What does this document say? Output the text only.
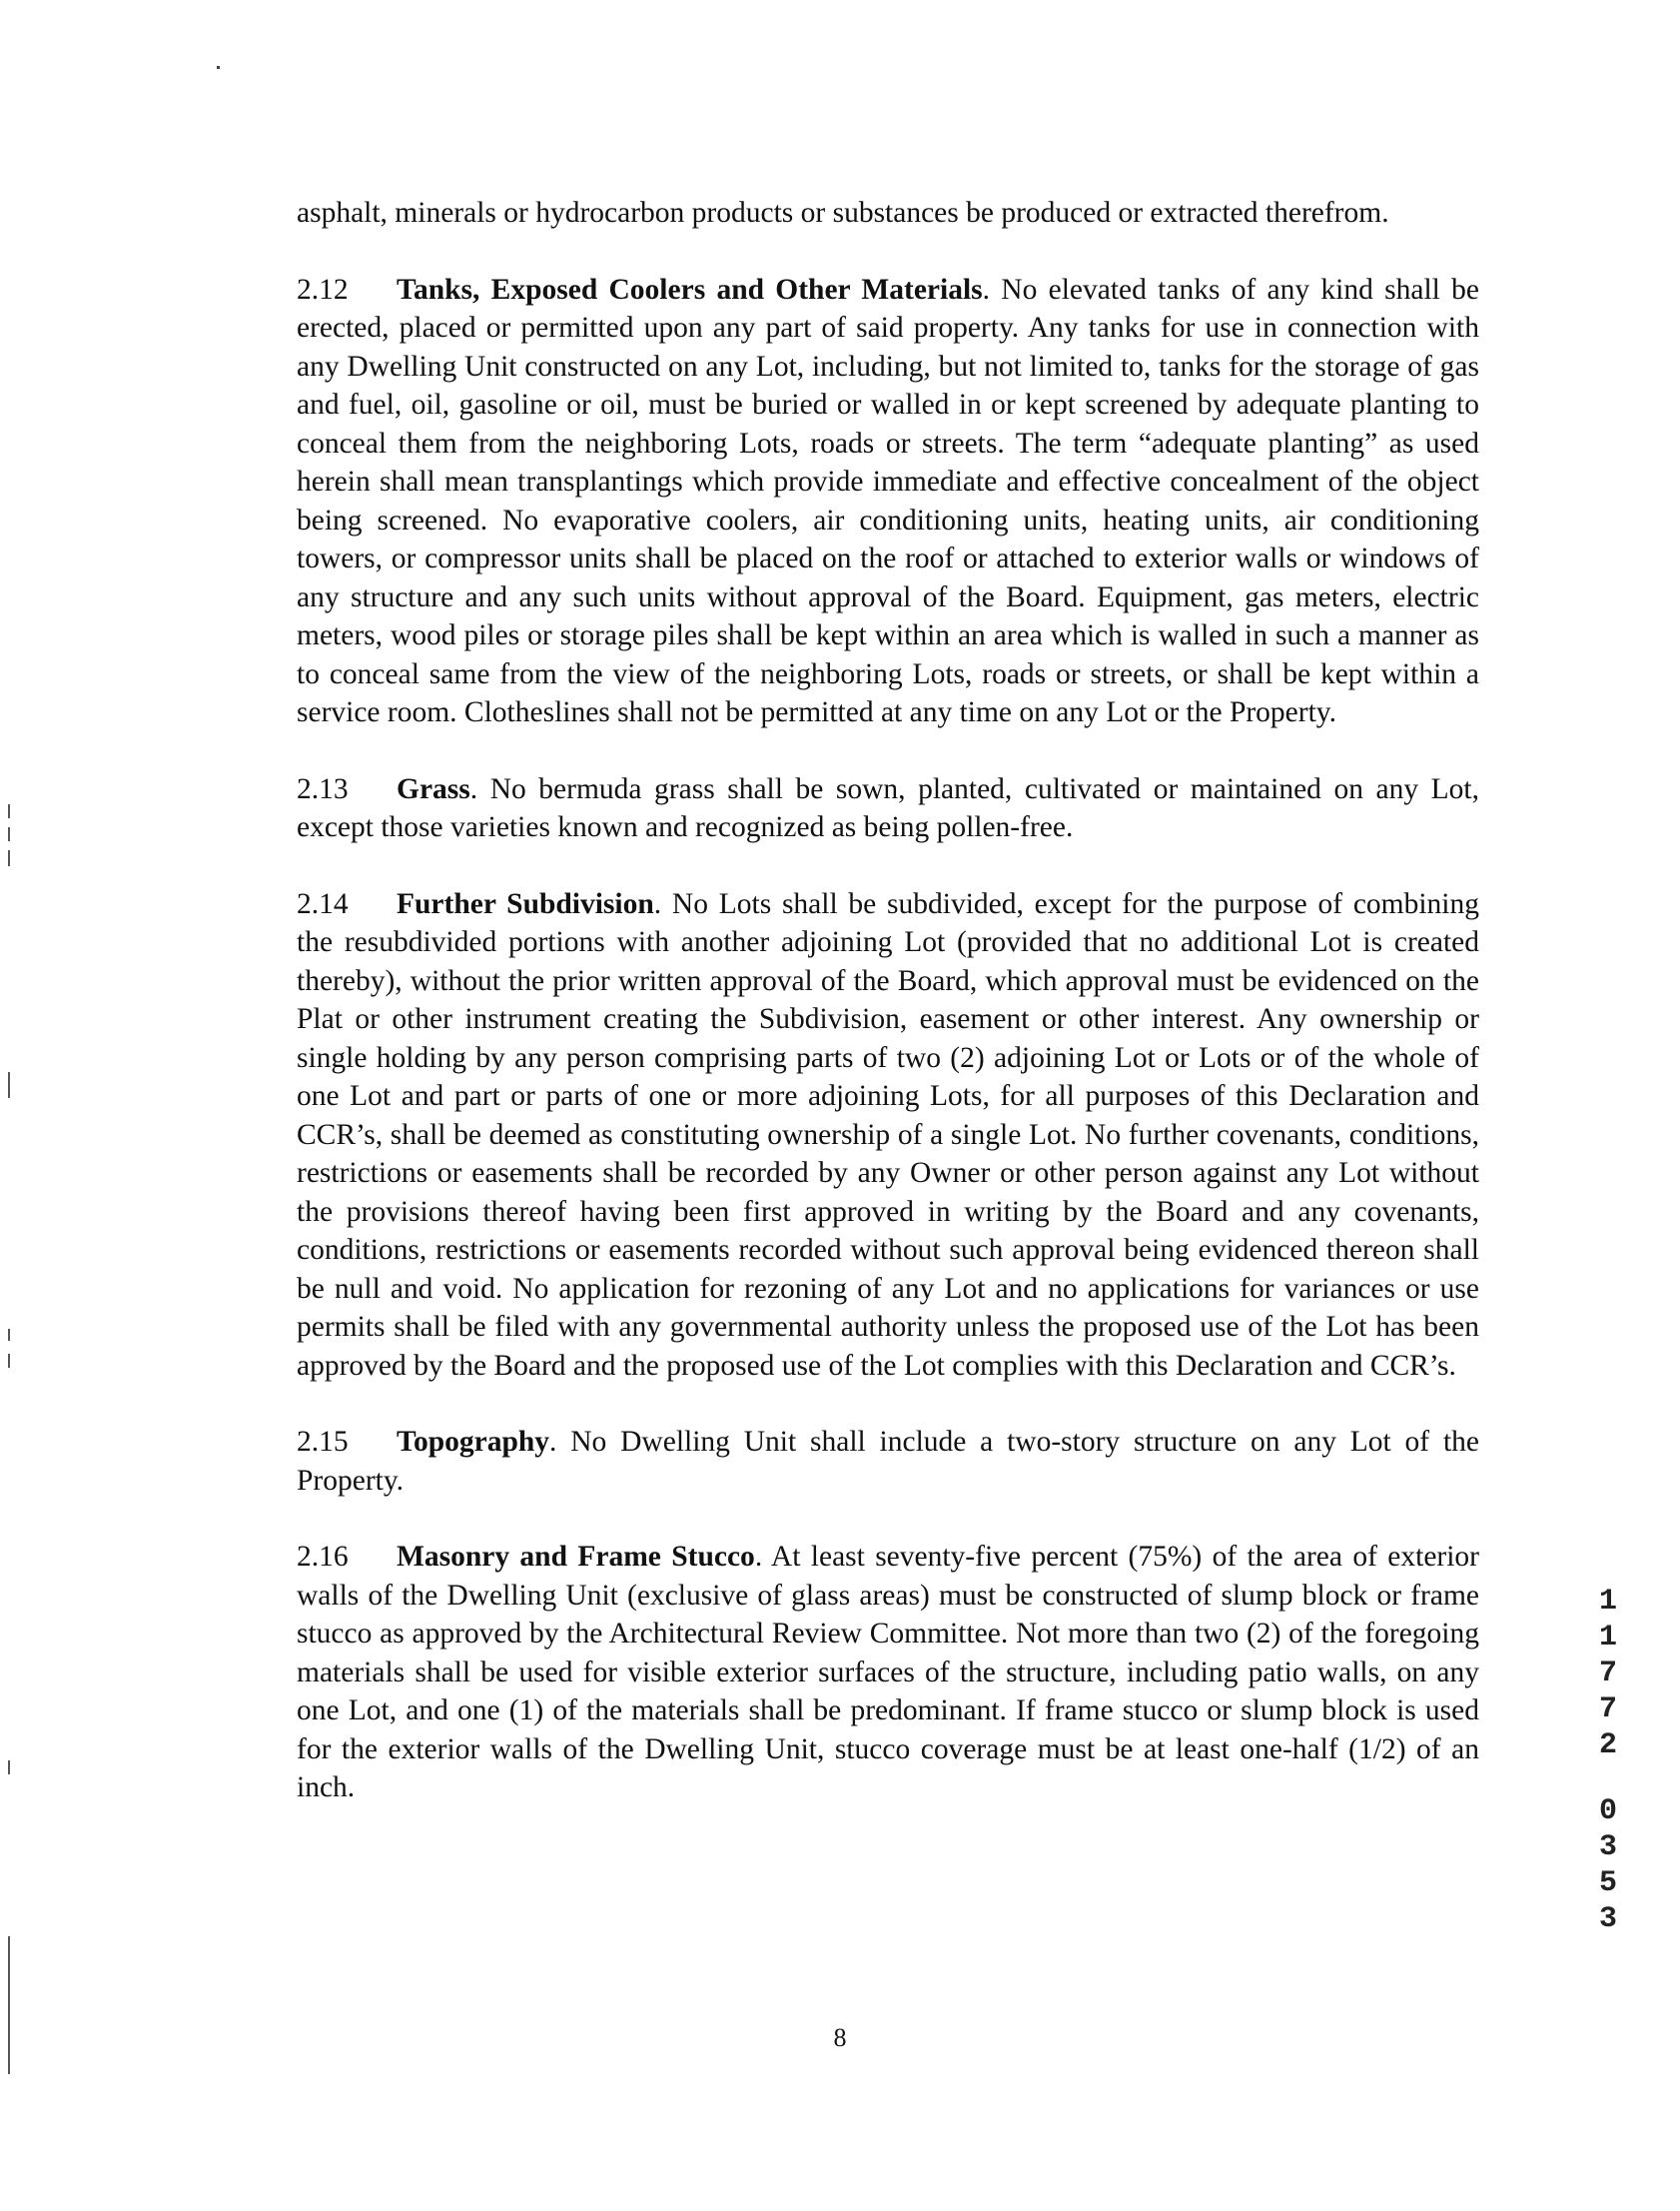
asphalt, minerals or hydrocarbon products or substances be produced or extracted therefrom.

2.12 Tanks, Exposed Coolers and Other Materials. No elevated tanks of any kind shall be erected, placed or permitted upon any part of said property. Any tanks for use in connection with any Dwelling Unit constructed on any Lot, including, but not limited to, tanks for the storage of gas and fuel, oil, gasoline or oil, must be buried or walled in or kept screened by adequate planting to conceal them from the neighboring Lots, roads or streets. The term “adequate planting” as used herein shall mean transplantings which provide immediate and effective concealment of the object being screened. No evaporative coolers, air conditioning units, heating units, air conditioning towers, or compressor units shall be placed on the roof or attached to exterior walls or windows of any structure and any such units without approval of the Board. Equipment, gas meters, electric meters, wood piles or storage piles shall be kept within an area which is walled in such a manner as to conceal same from the view of the neighboring Lots, roads or streets, or shall be kept within a service room. Clotheslines shall not be permitted at any time on any Lot or the Property.

2.13 Grass. No bermuda grass shall be sown, planted, cultivated or maintained on any Lot, except those varieties known and recognized as being pollen-free.

2.14 Further Subdivision. No Lots shall be subdivided, except for the purpose of combining the resubdivided portions with another adjoining Lot (provided that no additional Lot is created thereby), without the prior written approval of the Board, which approval must be evidenced on the Plat or other instrument creating the Subdivision, easement or other interest. Any ownership or single holding by any person comprising parts of two (2) adjoining Lot or Lots or of the whole of one Lot and part or parts of one or more adjoining Lots, for all purposes of this Declaration and CCR’s, shall be deemed as constituting ownership of a single Lot. No further covenants, conditions, restrictions or easements shall be recorded by any Owner or other person against any Lot without the provisions thereof having been first approved in writing by the Board and any covenants, conditions, restrictions or easements recorded without such approval being evidenced thereon shall be null and void. No application for rezoning of any Lot and no applications for variances or use permits shall be filed with any governmental authority unless the proposed use of the Lot has been approved by the Board and the proposed use of the Lot complies with this Declaration and CCR’s.

2.15 Topography. No Dwelling Unit shall include a two-story structure on any Lot of the Property.

2.16 Masonry and Frame Stucco. At least seventy-five percent (75%) of the area of exterior walls of the Dwelling Unit (exclusive of glass areas) must be constructed of slump block or frame stucco as approved by the Architectural Review Committee. Not more than two (2) of the foregoing materials shall be used for visible exterior surfaces of the structure, including patio walls, on any one Lot, and one (1) of the materials shall be predominant. If frame stucco or slump block is used for the exterior walls of the Dwelling Unit, stucco coverage must be at least one-half (1/2) of an inch.

1
1
7
7
2
0
3
5
3
8
